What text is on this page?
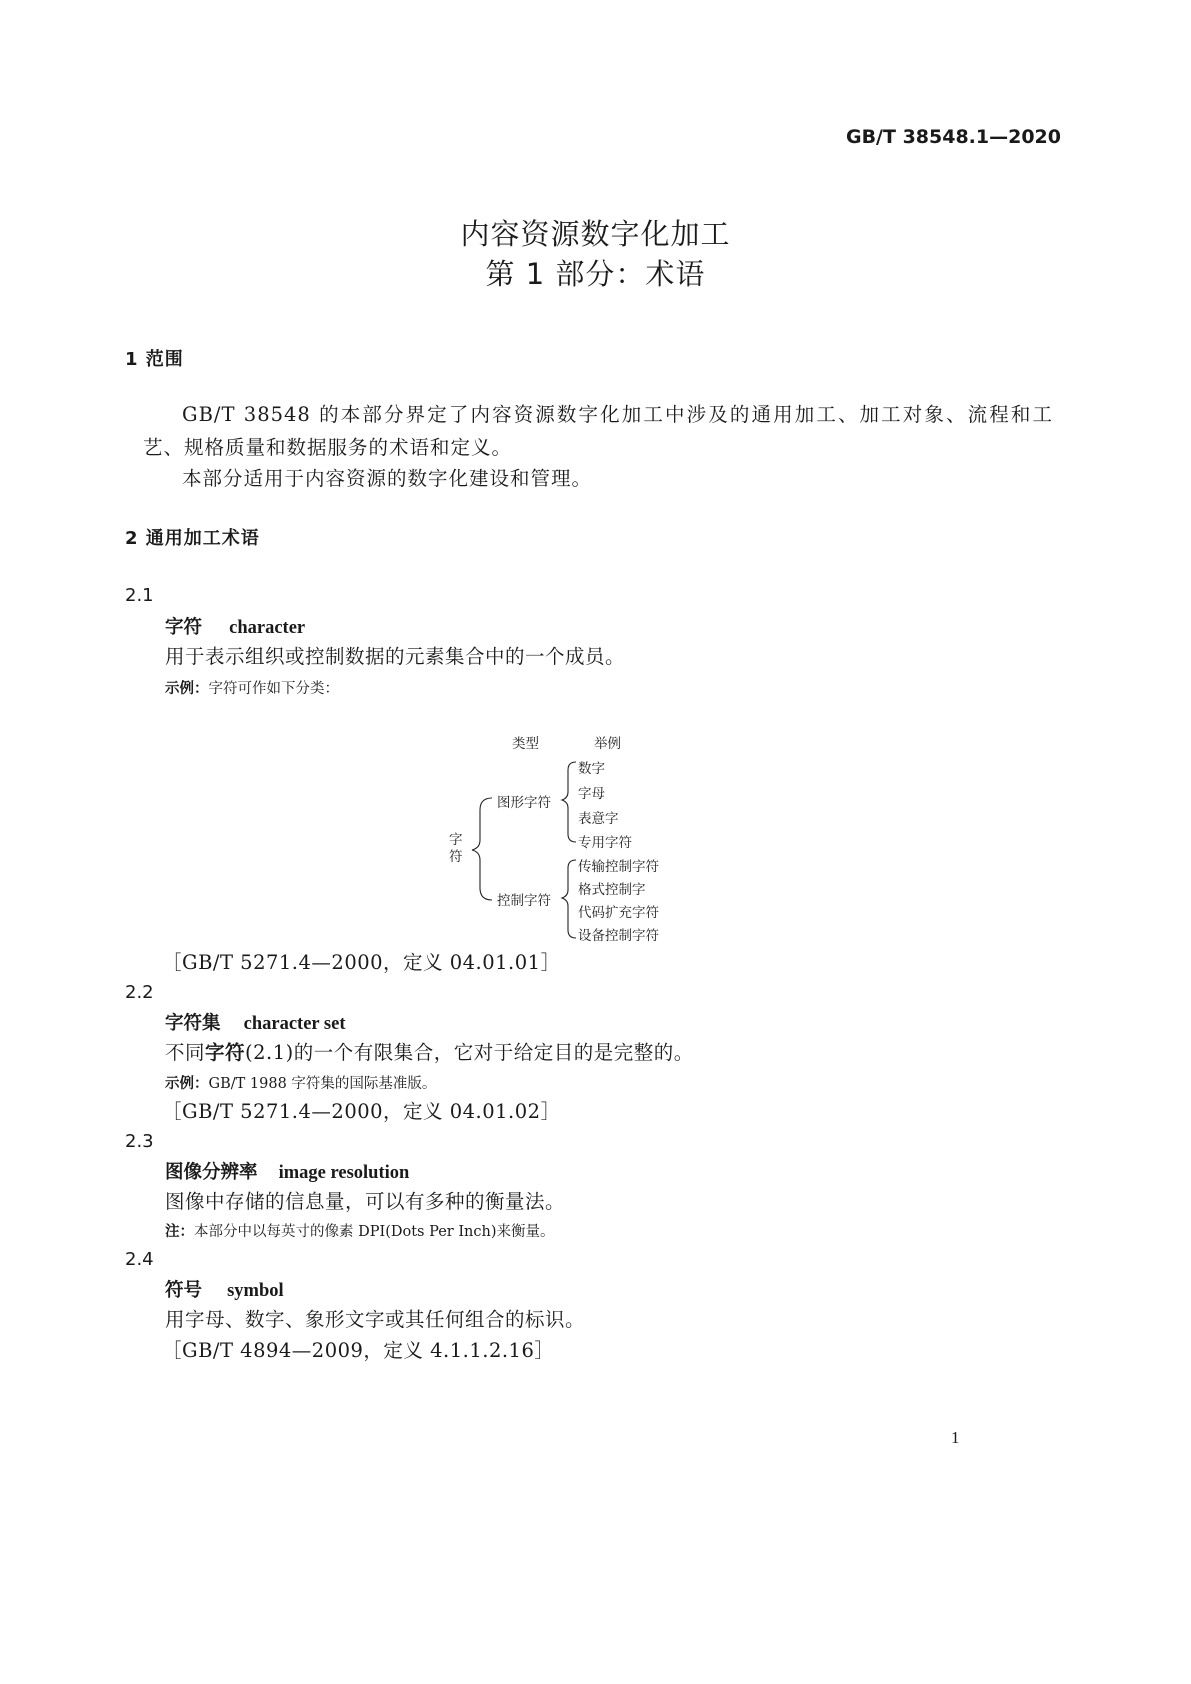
GB/T 38548.1—2020
内容资源数字化加工
第 1 部分：术语
1 范围
GB/T 38548 的本部分界定了内容资源数字化加工中涉及的通用加工、加工对象、流程和工艺、规格质量和数据服务的术语和定义。
本部分适用于内容资源的数字化建设和管理。
2 通用加工术语
2.1
字符 character
用于表示组织或控制数据的元素集合中的一个成员。
示例：字符可作如下分类：
类型	举例
字符
图形字符
控制字符
数字
字母
表意字
专用字符
传输控制字符
格式控制字
代码扩充字符
设备控制字符
［GB/T 5271.4—2000，定义 04.01.01］
2.2
字符集 character set
不同字符(2.1)的一个有限集合，它对于给定目的是完整的。
示例：GB/T 1988 字符集的国际基准版。
［GB/T 5271.4—2000，定义 04.01.02］
2.3
图像分辨率 image resolution
图像中存储的信息量，可以有多种的衡量法。
注：本部分中以每英寸的像素 DPI(Dots Per Inch)来衡量。
2.4
符号 symbol
用字母、数字、象形文字或其任何组合的标识。
［GB/T 4894—2009，定义 4.1.1.2.16］
1
